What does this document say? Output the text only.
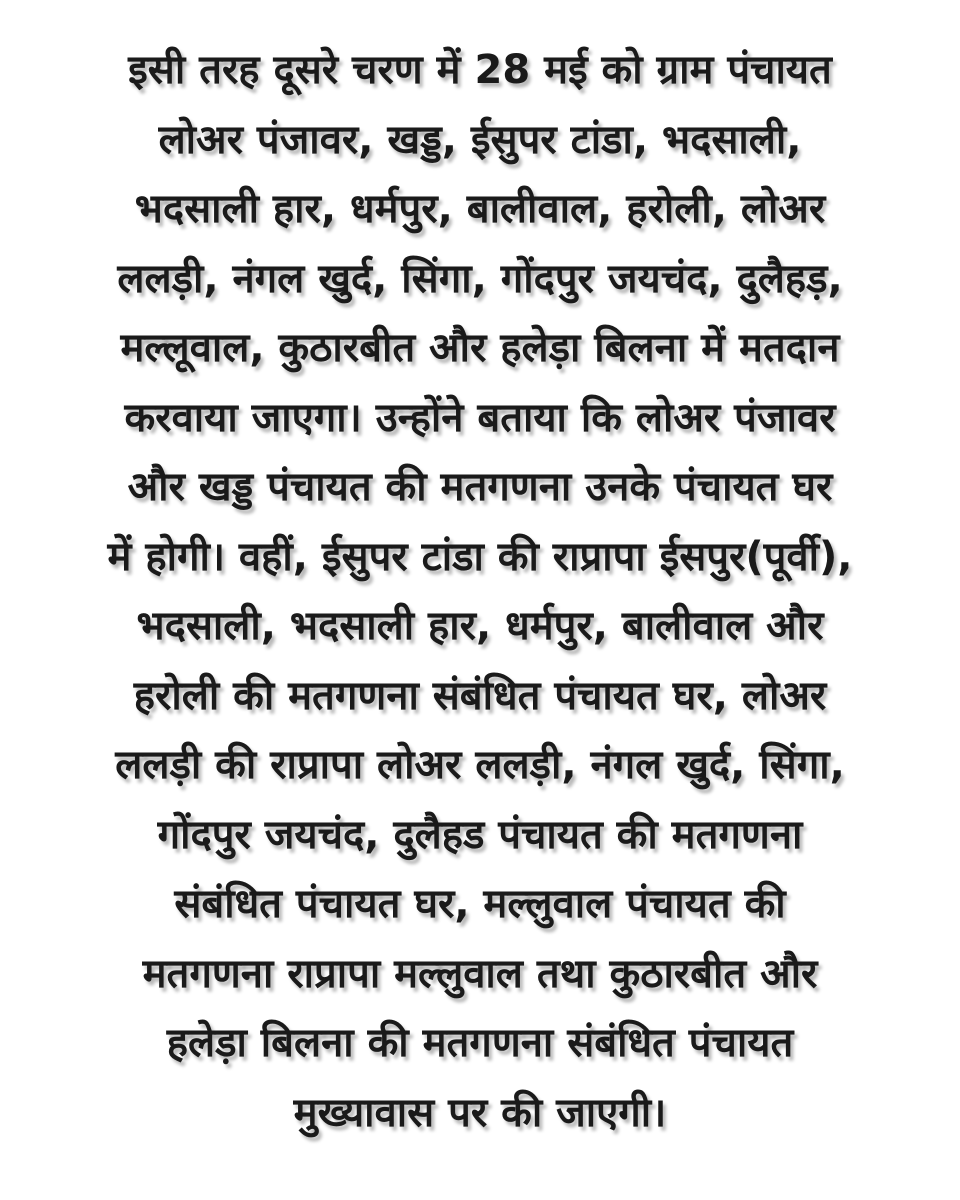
इसी तरह दूसरे चरण में 28 मई को ग्राम पंचायत
लोअर पंजावर, खड्ड, ईसुपर टांडा, भदसाली,
भदसाली हार, धर्मपुर, बालीवाल, हरोली, लोअर
ललड़ी, नंगल खुर्द, सिंगा, गोंदपुर जयचंद, दुलैहड़,
मल्लूवाल, कुठारबीत और हलेड़ा बिलना में मतदान
करवाया जाएगा। उन्होंने बताया कि लोअर पंजावर
और खड्ड पंचायत की मतगणना उनके पंचायत घर
में होगी। वहीं, ईसुपर टांडा की राप्रापा ईसपुर(पूर्वी),
भदसाली, भदसाली हार, धर्मपुर, बालीवाल और
हरोली की मतगणना संबंधित पंचायत घर, लोअर
ललड़ी की राप्रापा लोअर ललड़ी, नंगल खुर्द, सिंगा,
गोंदपुर जयचंद, दुलैहड पंचायत की मतगणना
संबंधित पंचायत घर, मल्लुवाल पंचायत की
मतगणना राप्रापा मल्लुवाल तथा कुठारबीत और
हलेड़ा बिलना की मतगणना संबंधित पंचायत
मुख्यावास पर की जाएगी।
